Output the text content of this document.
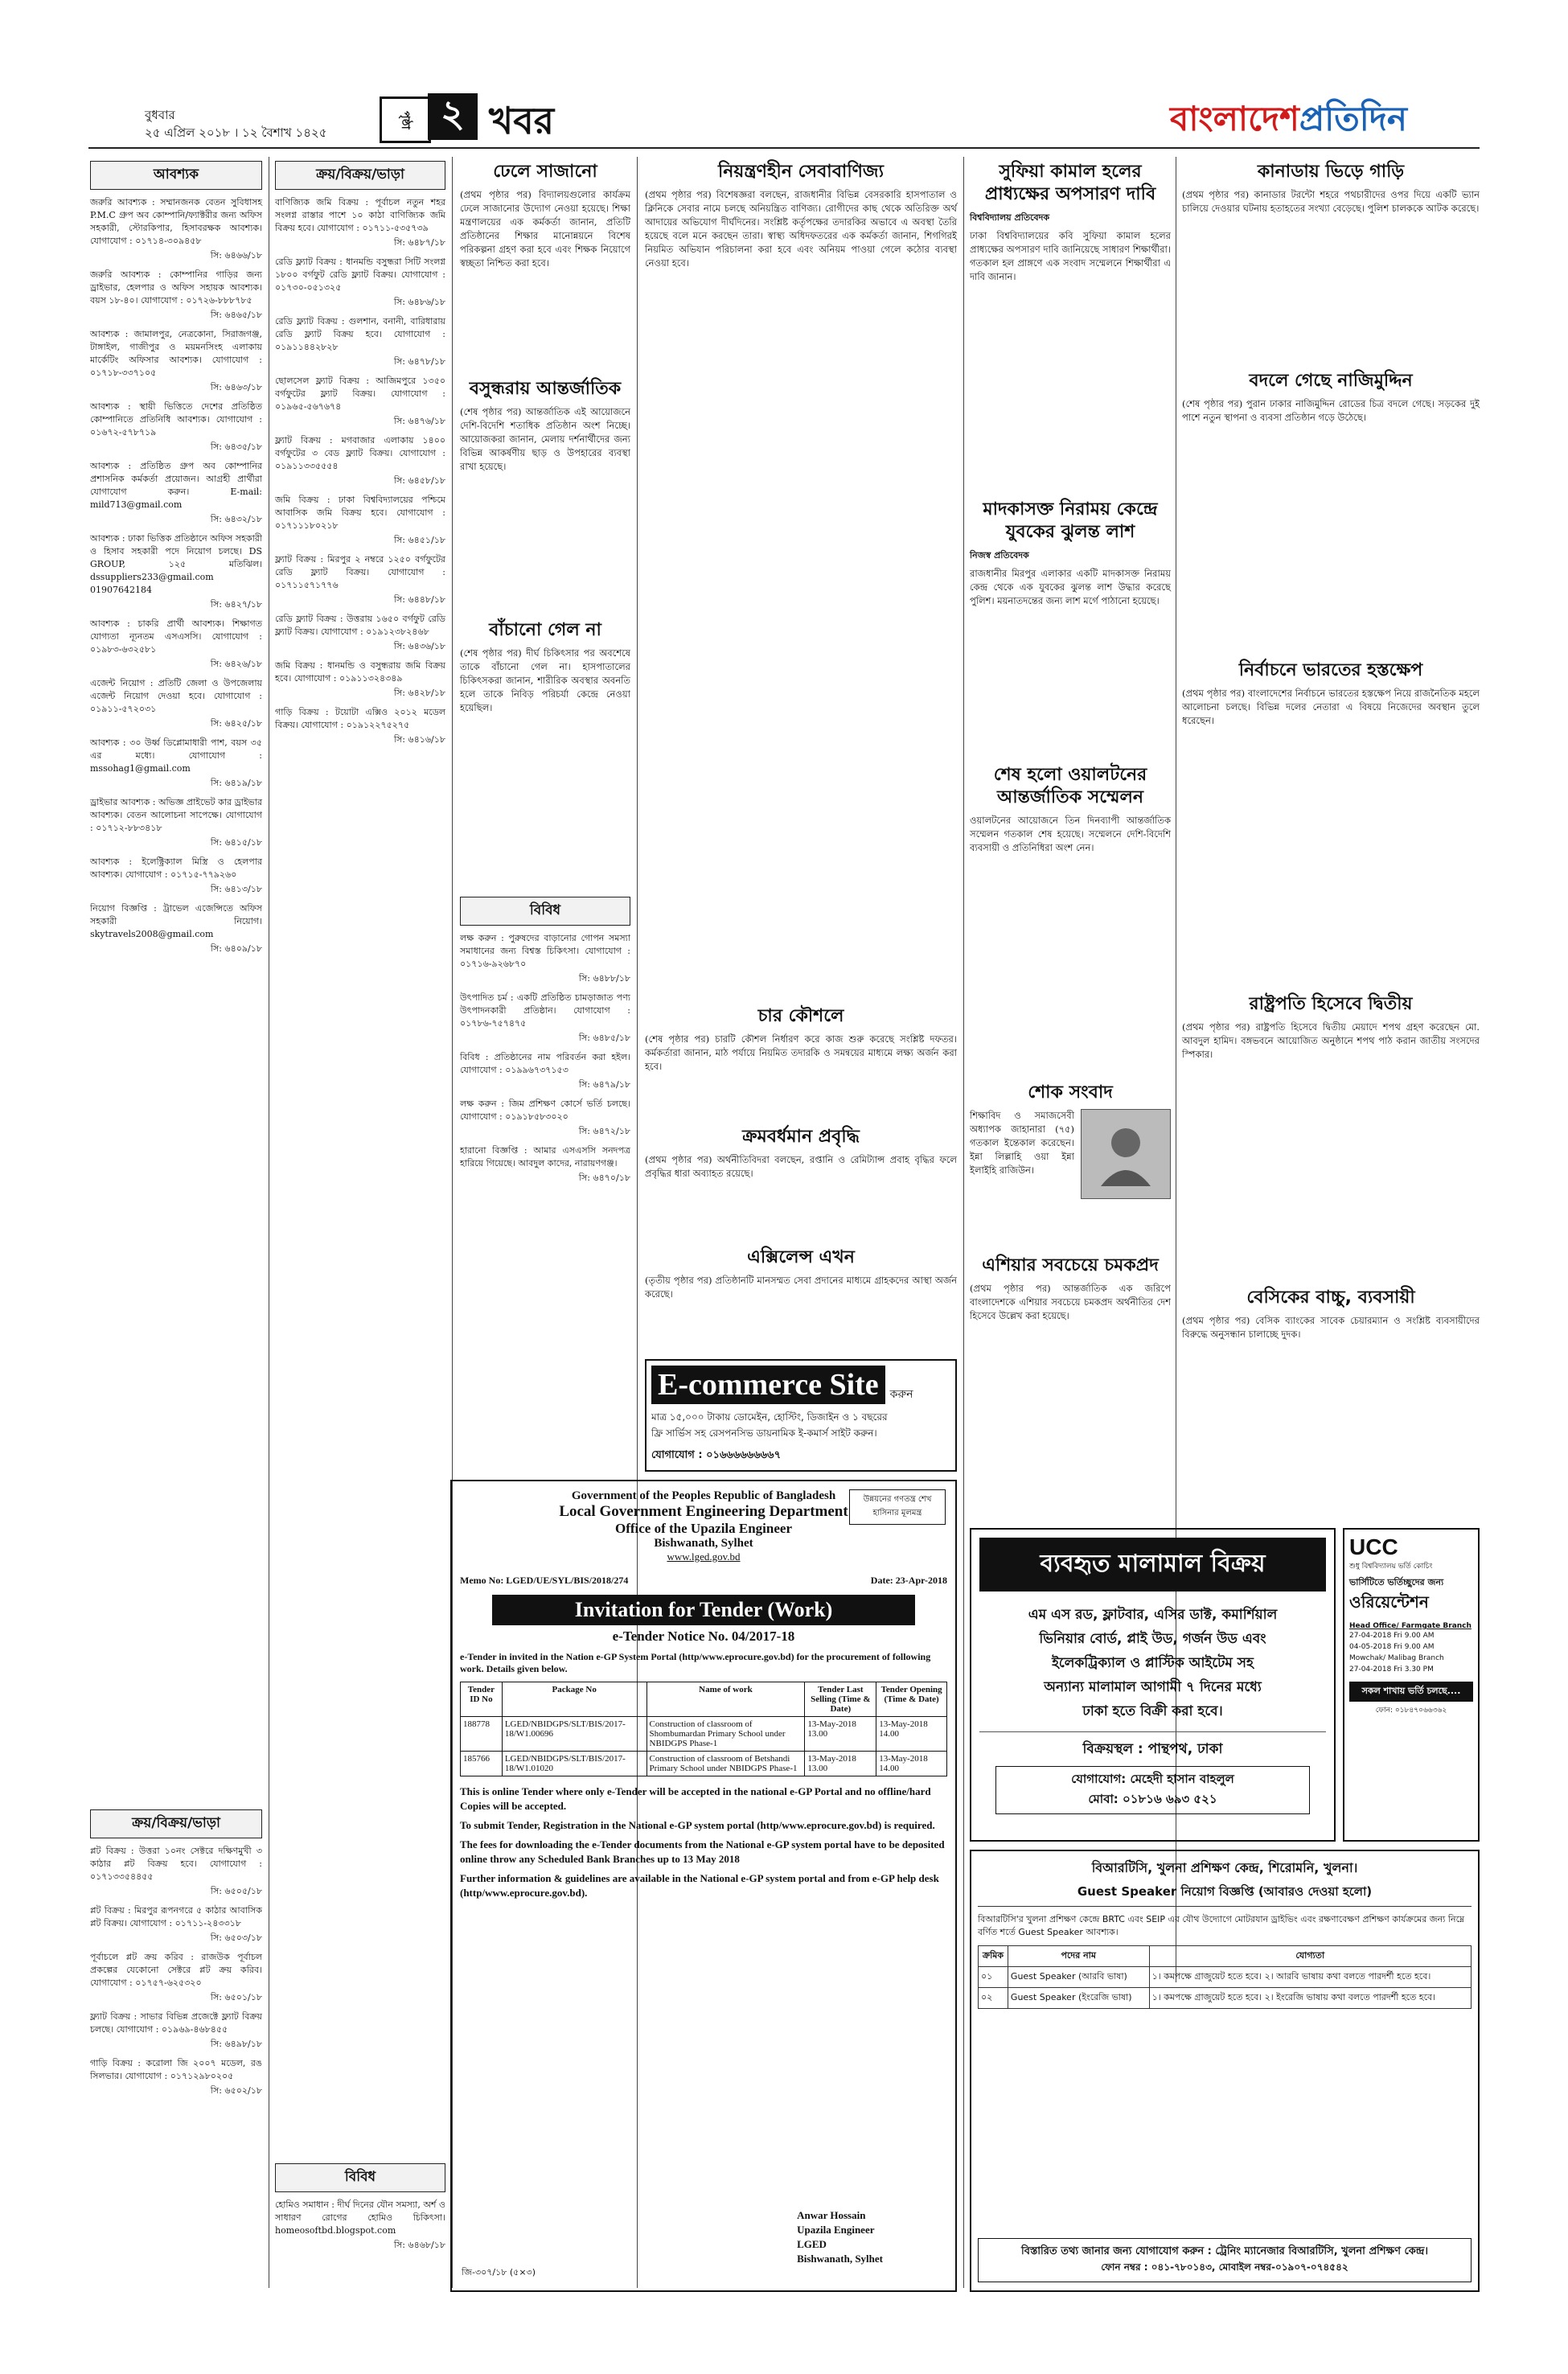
বুধবার
২৫ এপ্রিল ২০১৮ । ১২ বৈশাখ ১৪২৫
পৃষ্ঠা ২ খবর	বাংলাদেশপ্রতিদিন
আবশ্যক

জরুরি আবশ্যক : সম্মানজনক বেতন সুবিধাসহ P.M.C গ্রুপ অব কোম্পানি/ফ্যাক্টরীর জন্য অফিস সহকারী, স্টোরকিপার, হিসাবরক্ষক আবশ্যক। যোগাযোগ : ০১৭১৪-৩০৯৪৫৮

সি: ৬৪৬৬/১৮

জরুরি আবশ্যক : কোম্পানির গাড়ির জন্য ড্রাইভার, হেলপার ও অফিস সহায়ক আবশ্যক। বয়স ১৮-৪০। যোগাযোগ : ০১৭২৬-৮৮৮৭৮৫

সি: ৬৪৬৫/১৮

আবশ্যক : জামালপুর, নেত্রকোনা, সিরাজগঞ্জ, টাঙ্গাইল, গাজীপুর ও ময়মনসিংহ এলাকায় মার্কেটিং অফিসার আবশ্যক। যোগাযোগ : ০১৭১৮-৩৩৭১০৫

সি: ৬৪৬৩/১৮

আবশ্যক : স্থায়ী ভিত্তিতে দেশের প্রতিষ্ঠিত কোম্পানিতে প্রতিনিধি আবশ্যক। যোগাযোগ : ০১৬৭২-৫৭৮৭১৯

সি: ৬৪৩৫/১৮

আবশ্যক : প্রতিষ্ঠিত গ্রুপ অব কোম্পানির প্রশাসনিক কর্মকর্তা প্রয়োজন। আগ্রহী প্রার্থীরা যোগাযোগ করুন। E-mail: mild713@gmail.com

সি: ৬৪৩২/১৮

আবশ্যক : ঢাকা ভিত্তিক প্রতিষ্ঠানে অফিস সহকারী ও হিসাব সহকারী পদে নিয়োগ চলছে। DS GROUP, ১২৫ মতিঝিল। dssuppliers233@gmail.com 01907642184

সি: ৬৪২৭/১৮

আবশ্যক : চাকরি প্রার্থী আবশ্যক। শিক্ষাগত যোগ্যতা ন্যূনতম এসএসসি। যোগাযোগ : ০১৯৮৩-৬৩২৫৮১

সি: ৬৪২৬/১৮

এজেন্ট নিয়োগ : প্রতিটি জেলা ও উপজেলায় এজেন্ট নিয়োগ দেওয়া হবে। যোগাযোগ : ০১৯১১-৫৭২০৩১

সি: ৬৪২৫/১৮

আবশ্যক : ৩০ উর্ধ্ব ডিপ্লোমাধারী পাশ, বয়স ৩৫ এর মধ্যে। যোগাযোগ : mssohag1@gmail.com

সি: ৬৪১৯/১৮

ড্রাইভার আবশ্যক : অভিজ্ঞ প্রাইভেট কার ড্রাইভার আবশ্যক। বেতন আলোচনা সাপেক্ষে। যোগাযোগ : ০১৭১২-৮৮৩৪১৮

সি: ৬৪১৫/১৮

আবশ্যক : ইলেক্ট্রিক্যাল মিস্ত্রি ও হেলপার আবশ্যক। যোগাযোগ : ০১৭১৫-৭৭৯২৬০

সি: ৬৪১৩/১৮

নিয়োগ বিজ্ঞপ্তি : ট্রাভেল এজেন্সিতে অফিস সহকারী নিয়োগ। skytravels2008@gmail.com

সি: ৬৪০৯/১৮
ক্রয়/বিক্রয়/ভাড়া

প্লট বিক্রয় : উত্তরা ১০নং সেক্টরে দক্ষিণমুখী ৩ কাঠার প্লট বিক্রয় হবে। যোগাযোগ : ০১৭১৩৩৫৪৪৫৫

সি: ৬৫০৫/১৮

প্লট বিক্রয় : মিরপুর রূপনগরে ৫ কাঠার আবাসিক প্লট বিক্রয়। যোগাযোগ : ০১৭১১-২৪৩৩১৮

সি: ৬৫০৩/১৮

পূর্বাচলে প্লট ক্রয় করিব : রাজউক পূর্বাচল প্রকল্পের যেকোনো সেক্টরে প্লট ক্রয় করিব। যোগাযোগ : ০১৭৫৭-৬২৫৩২০

সি: ৬৫০১/১৮

ফ্ল্যাট বিক্রয় : সাভার বিভিন্ন প্রজেক্টে ফ্ল্যাট বিক্রয় চলছে। যোগাযোগ : ০১৯৬৯-৪৬৮৪৫৫

সি: ৬৪৯৮/১৮

গাড়ি বিক্রয় : করোলা জি ২০০৭ মডেল, রঙ সিলভার। যোগাযোগ : ০১৭১২৯৮০২০৫

সি: ৬৫০২/১৮
ক্রয়/বিক্রয়/ভাড়া

বাণিজ্যিক জমি বিক্রয় : পূর্বাচল নতুন শহর সংলগ্ন রাস্তার পাশে ১০ কাঠা বাণিজ্যিক জমি বিক্রয় হবে। যোগাযোগ : ০১৭১১-৫৩৫৭৩৯

সি: ৬৪৮৭/১৮

রেডি ফ্ল্যাট বিক্রয় : ধানমন্ডি বসুন্ধরা সিটি সংলগ্ন ১৮০০ বর্গফুট রেডি ফ্ল্যাট বিক্রয়। যোগাযোগ : ০১৭৩০-০৫১৩২৫

সি: ৬৪৮৬/১৮

রেডি ফ্ল্যাট বিক্রয় : গুলশান, বনানী, বারিধারায় রেডি ফ্ল্যাট বিক্রয় হবে। যোগাযোগ : ০১৯১১৪৪২৮২৮

সি: ৬৪৭৮/১৮

ছোলসেল ফ্ল্যাট বিক্রয় : আজিমপুরে ১৩৫০ বর্গফুটের ফ্ল্যাট বিক্রয়। যোগাযোগ : ০১৯৬৫-৫৬৭৬৭৪

সি: ৬৪৭৬/১৮

ফ্ল্যাট বিক্রয় : মগবাজার এলাকায় ১৪০০ বর্গফুটের ৩ বেড ফ্ল্যাট বিক্রয়। যোগাযোগ : ০১৯১১৩৩৫৫৫৪

সি: ৬৪৫৮/১৮

জমি বিক্রয় : ঢাকা বিশ্ববিদ্যালয়ের পশ্চিমে আবাসিক জমি বিক্রয় হবে। যোগাযোগ : ০১৭১১১৮০২১৮

সি: ৬৪৫১/১৮

ফ্ল্যাট বিক্রয় : মিরপুর ২ নম্বরে ১২৫০ বর্গফুটের রেডি ফ্ল্যাট বিক্রয়। যোগাযোগ : ০১৭১১৫৭১৭৭৬

সি: ৬৪৪৮/১৮

রেডি ফ্ল্যাট বিক্রয় : উত্তরায় ১৬৫০ বর্গফুট রেডি ফ্ল্যাট বিক্রয়। যোগাযোগ : ০১৯১২৩৮২৪৬৮

সি: ৬৪৩৬/১৮

জমি বিক্রয় : ধানমন্ডি ও বসুন্ধরায় জমি বিক্রয় হবে। যোগাযোগ : ০১৯১১৩২৪৩৪৯

সি: ৬৪২৮/১৮

গাড়ি বিক্রয় : টয়োটা এক্সিও ২০১২ মডেল বিক্রয়। যোগাযোগ : ০১৯১২২৭৫২৭৫

সি: ৬৪১৬/১৮
বিবিধ

হোমিও সমাধান : দীর্ঘ দিনের যৌন সমস্যা, অর্শ ও সাধারণ রোগের হোমিও চিকিৎসা। homeosoftbd.blogspot.com

সি: ৬৪৬৮/১৮
ঢেলে সাজানো
(প্রথম পৃষ্ঠার পর) বিদ্যালয়গুলোর কার্যক্রম ঢেলে সাজানোর উদ্যোগ নেওয়া হয়েছে। শিক্ষা মন্ত্রণালয়ের এক কর্মকর্তা জানান, প্রতিটি প্রতিষ্ঠানের শিক্ষার মানোন্নয়নে বিশেষ পরিকল্পনা গ্রহণ করা হবে এবং শিক্ষক নিয়োগে স্বচ্ছতা নিশ্চিত করা হবে।
বসুন্ধরায় আন্তর্জাতিক
(শেষ পৃষ্ঠার পর) আন্তর্জাতিক এই আয়োজনে দেশি-বিদেশি শতাধিক প্রতিষ্ঠান অংশ নিচ্ছে। আয়োজকরা জানান, মেলায় দর্শনার্থীদের জন্য বিভিন্ন আকর্ষণীয় ছাড় ও উপহারের ব্যবস্থা রাখা হয়েছে।
বাঁচানো গেল না
(শেষ পৃষ্ঠার পর) দীর্ঘ চিকিৎসার পর অবশেষে তাকে বাঁচানো গেল না। হাসপাতালের চিকিৎসকরা জানান, শারীরিক অবস্থার অবনতি হলে তাকে নিবিড় পরিচর্যা কেন্দ্রে নেওয়া হয়েছিল।
বিবিধ

লক্ষ করুন : পুরুষদের বাড়ানোর গোপন সমস্যা সমাধানের জন্য বিশ্বস্ত চিকিৎসা। যোগাযোগ : ০১৭১৬-৯২৬৮৭০

সি: ৬৪৮৮/১৮

উৎপাদিত চর্ম : একটি প্রতিষ্ঠিত চামড়াজাত পণ্য উৎপাদনকারী প্রতিষ্ঠান। যোগাযোগ : ০১৭৮৬-৭৫৭৪৭৫

সি: ৬৪৮৫/১৮

বিবিধ : প্রতিষ্ঠানের নাম পরিবর্তন করা হইল। যোগাযোগ : ০১৯৯৬৭৩৭১৫৩

সি: ৬৪৭৯/১৮

লক্ষ করুন : জিম প্রশিক্ষণ কোর্সে ভর্তি চলছে। যোগাযোগ : ০১৯১৮৫৮৩০২০

সি: ৬৪৭২/১৮

হারানো বিজ্ঞপ্তি : আমার এসএসসি সনদপত্র হারিয়ে গিয়েছে। আবদুল কাদের, নারায়ণগঞ্জ।

সি: ৬৪৭০/১৮
নিয়ন্ত্রণহীন সেবাবাণিজ্য
(প্রথম পৃষ্ঠার পর) বিশেষজ্ঞরা বলছেন, রাজধানীর বিভিন্ন বেসরকারি হাসপাতাল ও ক্লিনিকে সেবার নামে চলছে অনিয়ন্ত্রিত বাণিজ্য। রোগীদের কাছ থেকে অতিরিক্ত অর্থ আদায়ের অভিযোগ দীর্ঘদিনের। সংশ্লিষ্ট কর্তৃপক্ষের তদারকির অভাবে এ অবস্থা তৈরি হয়েছে বলে মনে করছেন তারা। স্বাস্থ্য অধিদফতরের এক কর্মকর্তা জানান, শিগগিরই নিয়মিত অভিযান পরিচালনা করা হবে এবং অনিয়ম পাওয়া গেলে কঠোর ব্যবস্থা নেওয়া হবে।
চার কৌশলে
(শেষ পৃষ্ঠার পর) চারটি কৌশল নির্ধারণ করে কাজ শুরু করেছে সংশ্লিষ্ট দফতর। কর্মকর্তারা জানান, মাঠ পর্যায়ে নিয়মিত তদারকি ও সমন্বয়ের মাধ্যমে লক্ষ্য অর্জন করা হবে।
ক্রমবর্ধমান প্রবৃদ্ধি
(প্রথম পৃষ্ঠার পর) অর্থনীতিবিদরা বলছেন, রপ্তানি ও রেমিট্যান্স প্রবাহ বৃদ্ধির ফলে প্রবৃদ্ধির ধারা অব্যাহত রয়েছে।
এক্সিলেন্স এখন
(তৃতীয় পৃষ্ঠার পর) প্রতিষ্ঠানটি মানসম্মত সেবা প্রদানের মাধ্যমে গ্রাহকদের আস্থা অর্জন করেছে।
E-commerce Site	করুন
মাত্র ১৫,০০০ টাকায় ডোমেইন, হোস্টিং, ডিজাইন ও ১ বছরের
ফ্রি সার্ভিস সহ রেসপনসিভ ডায়নামিক ই-কমার্স সাইট করুন।
যোগাযোগ : ০১৬৬৬৬৬৬৬৬৭
Government of the Peoples Republic of Bangladesh
Local Government Engineering Department
Office of the Upazila Engineer
Bishwanath, Sylhet
www.lged.gov.bd
উন্নয়নের গণতন্ত্র শেখ হাসিনার মূলমন্ত্র
Memo No: LGED/UE/SYL/BIS/2018/274	Date: 23-Apr-2018
Invitation for Tender (Work)
e-Tender Notice No. 04/2017-18
e-Tender in invited in the Nation e-GP System Portal (http/www.eprocure.gov.bd) for the procurement of following work. Details given below.
Tender ID No	Package No	Name of work	Tender Last Selling (Time & Date)	Tender Opening (Time & Date)
188778	LGED/NBIDGPS/SLT/BIS/2017-18/W1.00696	Construction of classroom of Shombumardan Primary School under NBIDGPS Phase-1	13-May-2018 13.00	13-May-2018 14.00
185766	LGED/NBIDGPS/SLT/BIS/2017-18/W1.01020	Construction of classroom of Betshandi Primary School under NBIDGPS Phase-1	13-May-2018 13.00	13-May-2018 14.00

This is online Tender where only e-Tender will be accepted in the national e-GP Portal and no offline/hard Copies will be accepted.

To submit Tender, Registration in the National e-GP system portal (http/www.eprocure.gov.bd) is required.

The fees for downloading the e-Tender documents from the National e-GP system portal have to be deposited online throw any Scheduled Bank Branches up to 13 May 2018

Further information & guidelines are available in the National e-GP system portal and from e-GP help desk (http/www.eprocure.gov.bd).

Anwar Hossain
Upazila Engineer
LGED
Bishwanath, Sylhet
জি-৩০৭/১৮ (৫×৩)
সুফিয়া কামাল হলের প্রাধ্যক্ষের অপসারণ দাবি
বিশ্ববিদ্যালয় প্রতিবেদক
ঢাকা বিশ্ববিদ্যালয়ের কবি সুফিয়া কামাল হলের প্রাধ্যক্ষের অপসারণ দাবি জানিয়েছে সাধারণ শিক্ষার্থীরা। গতকাল হল প্রাঙ্গণে এক সংবাদ সম্মেলনে শিক্ষার্থীরা এ দাবি জানান।
মাদকাসক্ত নিরাময় কেন্দ্রে যুবকের ঝুলন্ত লাশ
নিজস্ব প্রতিবেদক
রাজধানীর মিরপুর এলাকার একটি মাদকাসক্ত নিরাময় কেন্দ্র থেকে এক যুবকের ঝুলন্ত লাশ উদ্ধার করেছে পুলিশ। ময়নাতদন্তের জন্য লাশ মর্গে পাঠানো হয়েছে।
শেষ হলো ওয়ালটনের আন্তর্জাতিক সম্মেলন
ওয়ালটনের আয়োজনে তিন দিনব্যাপী আন্তর্জাতিক সম্মেলন গতকাল শেষ হয়েছে। সম্মেলনে দেশি-বিদেশি ব্যবসায়ী ও প্রতিনিধিরা অংশ নেন।
শোক সংবাদ
শিক্ষাবিদ ও সমাজসেবী অধ্যাপক জাহানারা (৭৫) গতকাল ইন্তেকাল করেছেন। ইন্না লিল্লাহি ওয়া ইন্না ইলাইহি রাজিউন।
এশিয়ার সবচেয়ে চমকপ্রদ
(প্রথম পৃষ্ঠার পর) আন্তর্জাতিক এক জরিপে বাংলাদেশকে এশিয়ার সবচেয়ে চমকপ্রদ অর্থনীতির দেশ হিসেবে উল্লেখ করা হয়েছে।
কানাডায় ভিড়ে গাড়ি
(প্রথম পৃষ্ঠার পর) কানাডার টরন্টো শহরে পথচারীদের ওপর দিয়ে একটি ভ্যান চালিয়ে দেওয়ার ঘটনায় হতাহতের সংখ্যা বেড়েছে। পুলিশ চালককে আটক করেছে।
বদলে গেছে নাজিমুদ্দিন
(শেষ পৃষ্ঠার পর) পুরান ঢাকার নাজিমুদ্দিন রোডের চিত্র বদলে গেছে। সড়কের দুই পাশে নতুন স্থাপনা ও ব্যবসা প্রতিষ্ঠান গড়ে উঠেছে।
নির্বাচনে ভারতের হস্তক্ষেপ
(প্রথম পৃষ্ঠার পর) বাংলাদেশের নির্বাচনে ভারতের হস্তক্ষেপ নিয়ে রাজনৈতিক মহলে আলোচনা চলছে। বিভিন্ন দলের নেতারা এ বিষয়ে নিজেদের অবস্থান তুলে ধরেছেন।
রাষ্ট্রপতি হিসেবে দ্বিতীয়
(প্রথম পৃষ্ঠার পর) রাষ্ট্রপতি হিসেবে দ্বিতীয় মেয়াদে শপথ গ্রহণ করেছেন মো. আবদুল হামিদ। বঙ্গভবনে আয়োজিত অনুষ্ঠানে শপথ পাঠ করান জাতীয় সংসদের স্পিকার।
বেসিকের বাচ্চু, ব্যবসায়ী
(প্রথম পৃষ্ঠার পর) বেসিক ব্যাংকের সাবেক চেয়ারম্যান ও সংশ্লিষ্ট ব্যবসায়ীদের বিরুদ্ধে অনুসন্ধান চালাচ্ছে দুদক।
ব্যবহৃত মালামাল বিক্রয়
এম এস রড, ফ্লাটবার, এসির ডাক্ট, কমার্শিয়াল
ভিনিয়ার বোর্ড, প্লাই উড, গর্জন উড এবং
ইলেকট্রিক্যাল ও প্লাস্টিক আইটেম সহ
অন্যান্য মালামাল আগামী ৭ দিনের মধ্যে
ঢাকা হতে বিক্রী করা হবে।
বিক্রয়স্থল : পান্থপথ, ঢাকা
যোগাযোগ: মেহেদী হাসান বাহলুল
মোবা: ০১৮১৬ ৬৯৩ ৫২১
UCC
শুধু বিশ্ববিদ্যালয় ভর্তি কোচিং
ভার্সিটিতে ভর্তিচ্ছুদের জন্য
ওরিয়েন্টেশন
Head Office/ Farmgate Branch
27-04-2018 Fri 9.00 AM
04-05-2018 Fri 9.00 AM
Mowchak/ Malibag Branch
27-04-2018 Fri 3.30 PM
সকল শাখায় ভর্তি চলছে....
ফোন: ০১৮৪৭০৬৬৩৬২
বিআরটিসি, খুলনা প্রশিক্ষণ কেন্দ্র, শিরোমনি, খুলনা।
Guest Speaker নিয়োগ বিজ্ঞপ্তি (আবারও দেওয়া হলো)
বিআরটিসি'র খুলনা প্রশিক্ষণ কেন্দ্রে BRTC এবং SEIP এর যৌথ উদ্যোগে মোটরযান ড্রাইভিং এবং রক্ষণাবেক্ষণ প্রশিক্ষণ কার্যক্রমের জন্য নিম্নে বর্ণিত শর্তে Guest Speaker আবশ্যক।
ক্রমিক	পদের নাম	যোগ্যতা
০১	Guest Speaker (আরবি ভাষা)	১। কমপক্ষে গ্রাজুয়েট হতে হবে। ২। আরবি ভাষায় কথা বলতে পারদর্শী হতে হবে।
০২	Guest Speaker (ইংরেজি ভাষা)	১। কমপক্ষে গ্রাজুয়েট হতে হবে। ২। ইংরেজি ভাষায় কথা বলতে পারদর্শী হতে হবে।
বিস্তারিত তথ্য জানার জন্য যোগাযোগ করুন : ট্রেনিং ম্যানেজার বিআরটিসি, খুলনা প্রশিক্ষণ কেন্দ্র।
ফোন নম্বর : ০৪১-৭৮০১৪৩, মোবাইল নম্বর-০১৯০৭-০৭৪৫৪২
